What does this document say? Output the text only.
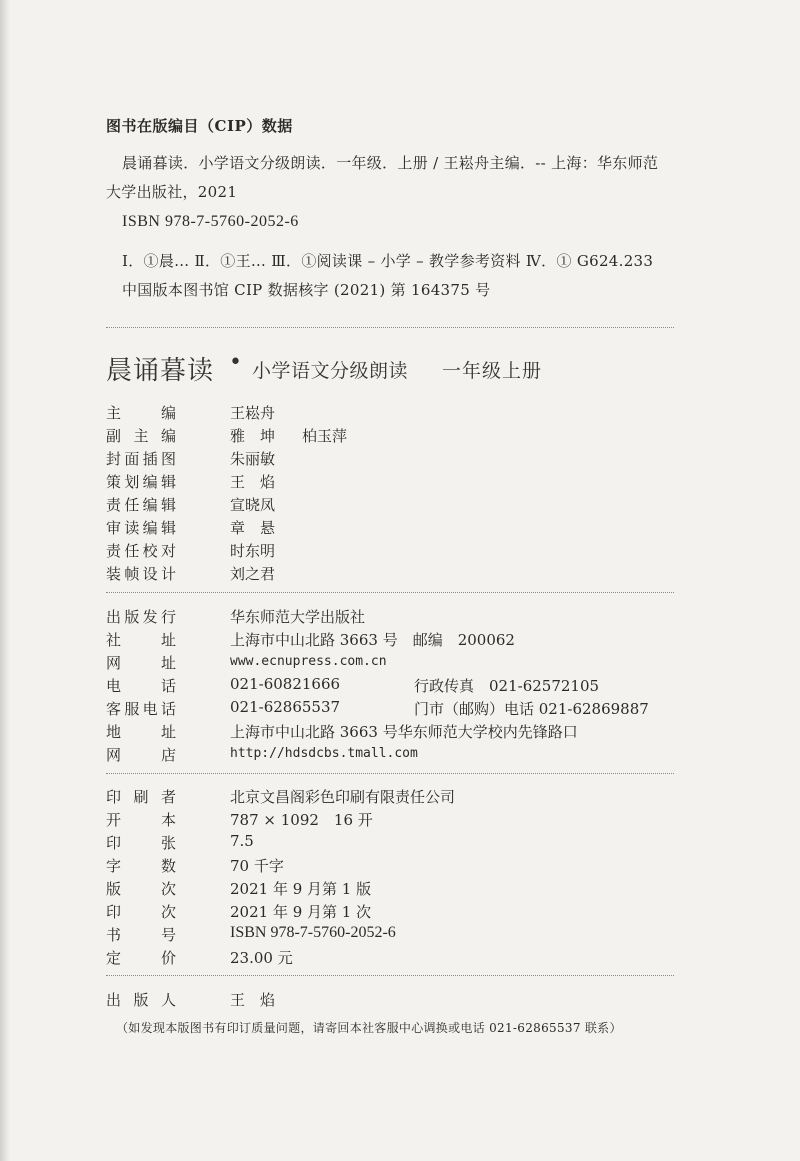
图书在版编目（CIP）数据
晨诵暮读．小学语文分级朗读．一年级．上册 / 王崧舟主编．-- 上海：华东师范
大学出版社，2021
ISBN 978-7-5760-2052-6
Ⅰ．①晨… Ⅱ．①王… Ⅲ．①阅读课 – 小学 – 教学参考资料 Ⅳ．① G624.233
中国版本图书馆 CIP 数据核字 (2021) 第 164375 号
晨诵暮读 • 小学语文分级朗读 一年级上册
主	编	王崧舟
副 主 编	雅　坤 柏玉萍
封 面 插 图	朱丽敏
策 划 编 辑	王　焰
责 任 编 辑	宣晓凤
审 读 编 辑	章　悬
责 任 校 对	时东明
装 帧 设 计	刘之君
出 版 发 行	华东师范大学出版社
社	址	上海市中山北路 3663 号　邮编　200062
网	址	www.ecnupress.com.cn
电	话	021-60821666	行政传真　021-62572105
客 服 电 话	021-62865537	门市（邮购）电话 021-62869887
地	址	上海市中山北路 3663 号华东师范大学校内先锋路口
网	店	http://hdsdcbs.tmall.com
印 刷 者	北京文昌阁彩色印刷有限责任公司
开	本	787 × 1092　16 开
印	张	7.5
字	数	70 千字
版	次	2021 年 9 月第 1 版
印	次	2021 年 9 月第 1 次
书	号	ISBN 978-7-5760-2052-6
定	价	23.00 元
出 版 人	王　焰
（如发现本版图书有印订质量问题，请寄回本社客服中心调换或电话 021-62865537 联系）
